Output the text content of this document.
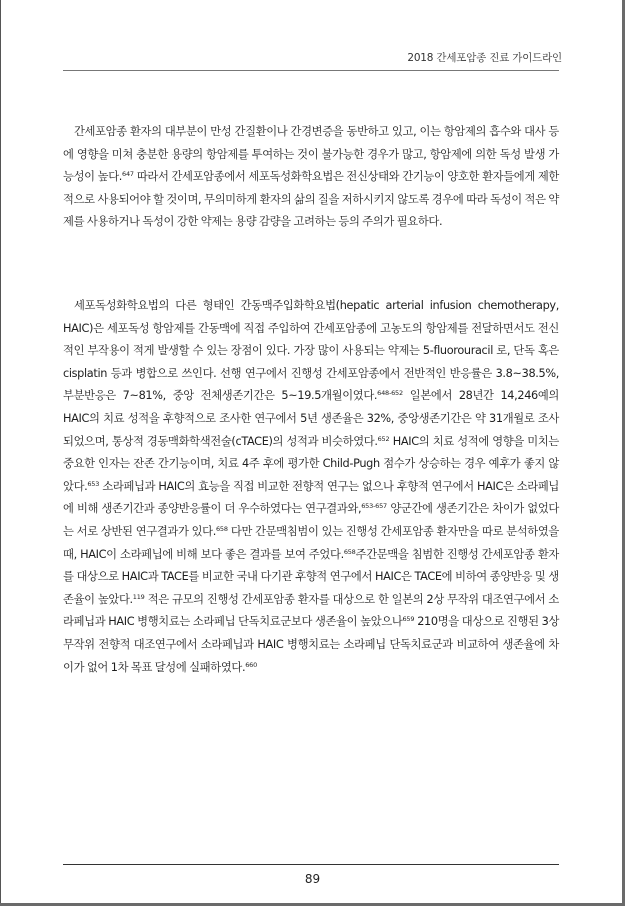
2018 간세포암종 진료 가이드라인

 간세포암종 환자의 대부분이 만성 간질환이나 간경변증을 동반하고 있고, 이는 항암제의 흡수와 대사 등에 영향을 미쳐 충분한 용량의 항암제를 투여하는 것이 불가능한 경우가 많고, 항암제에 의한 독성 발생 가능성이 높다.$^{647}$ 따라서 간세포암종에서 세포독성화학요법은 전신상태와 간기능이 양호한 환자들에게 제한적으로 사용되어야 할 것이며, 무의미하게 환자의 삶의 질을 저하시키지 않도록 경우에 따라 독성이 적은 약제를 사용하거나 독성이 강한 약제는 용량 감량을 고려하는 등의 주의가 필요하다.

 세포독성화학요법의 다른 형태인 간동맥주입화학요법(hepatic arterial infusion chemotherapy, HAIC)은 세포독성 항암제를 간동맥에 직접 주입하여 간세포암종에 고농도의 항암제를 전달하면서도 전신적인 부작용이 적게 발생할 수 있는 장점이 있다. 가장 많이 사용되는 약제는 5-fluorouracil 로, 단독 혹은 cisplatin 등과 병합으로 쓰인다. 선행 연구에서 진행성 간세포암종에서 전반적인 반응률은 3.8~38.5%, 부분반응은 7~81%, 중앙 전체생존기간은 5~19.5개월이였다.$^{648-652}$ 일본에서 28년간 14,246예의 HAIC의 치료 성적을 후향적으로 조사한 연구에서 5년 생존율은 32%, 중앙생존기간은 약 31개월로 조사되었으며, 통상적 경동맥화학색전술(cTACE)의 성적과 비슷하였다.$^{652}$ HAIC의 치료 성적에 영향을 미치는 중요한 인자는 잔존 간기능이며, 치료 4주 후에 평가한 Child-Pugh 점수가 상승하는 경우 예후가 좋지 않았다.$^{653}$ 소라페닙과 HAIC의 효능을 직접 비교한 전향적 연구는 없으나 후향적 연구에서 HAIC은 소라페닙에 비해 생존기간과 종양반응률이 더 우수하였다는 연구결과와,$^{653-657}$ 양군간에 생존기간은 차이가 없었다는 서로 상반된 연구결과가 있다.$^{658}$ 다만 간문맥침범이 있는 진행성 간세포암종 환자만을 따로 분석하였을 때, HAIC이 소라페닙에 비해 보다 좋은 결과를 보여 주었다.$^{658}$주간문맥을 침범한 진행성 간세포암종 환자를 대상으로 HAIC과 TACE를 비교한 국내 다기관 후향적 연구에서 HAIC은 TACE에 비하여 종양반응 및 생존율이 높았다.$^{119}$ 적은 규모의 진행성 간세포암종 환자를 대상으로 한 일본의 2상 무작위 대조연구에서 소라페닙과 HAIC 병행치료는 소라페닙 단독치료군보다 생존율이 높았으나$^{659}$ 210명을 대상으로 진행된 3상 무작위 전향적 대조연구에서 소라페닙과 HAIC 병행치료는 소라페닙 단독치료군과 비교하여 생존율에 차이가 없어 1차 목표 달성에 실패하였다.$^{660}$

89
